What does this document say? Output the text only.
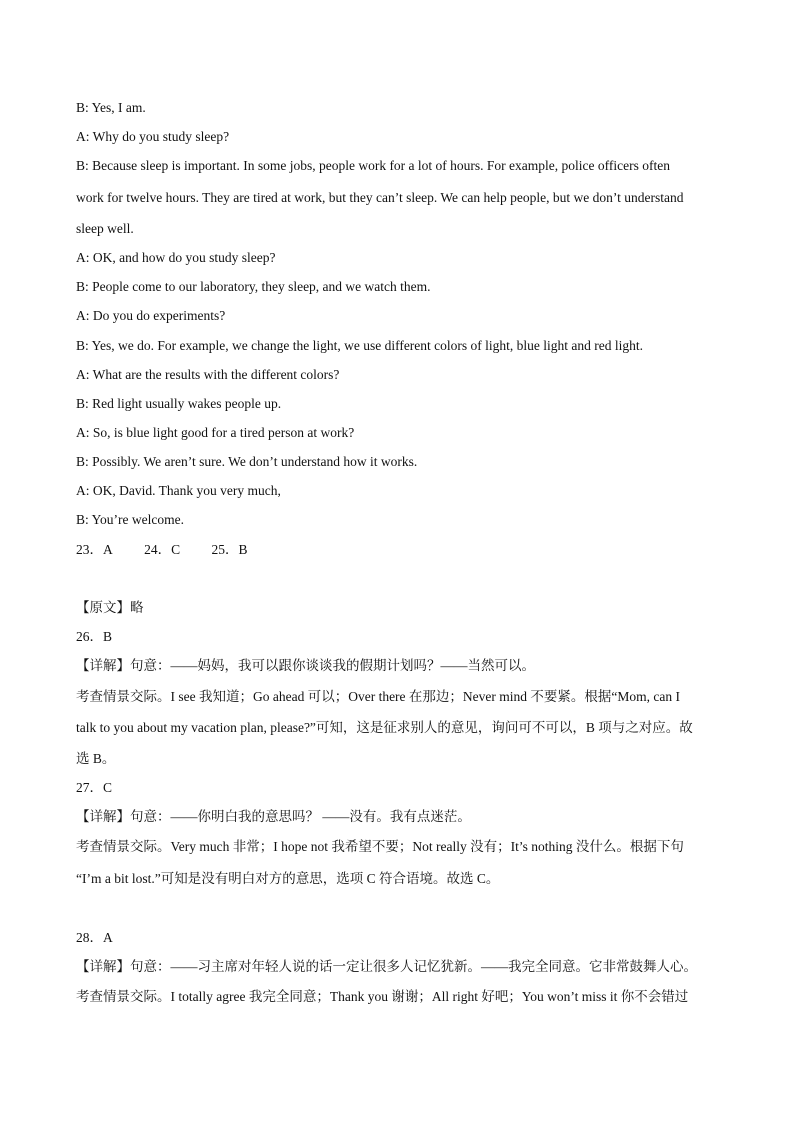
B: Yes, I am.
A: Why do you study sleep?
B: Because sleep is important. In some jobs, people work for a lot of hours. For example, police officers often
work for twelve hours. They are tired at work, but they can’t sleep. We can help people, but we don’t understand
sleep well.
A: OK, and how do you study sleep?
B: People come to our laboratory, they sleep, and we watch them.
A: Do you do experiments?
B: Yes, we do. For example, we change the light, we use different colors of light, blue light and red light.
A: What are the results with the different colors?
B: Red light usually wakes people up.
A: So, is blue light good for a tired person at work?
B: Possibly. We aren’t sure. We don’t understand how it works.
A: OK, David. Thank you very much,
B: You’re welcome.
23．A 24．C 25．B
【原文】略
26．B
【详解】句意：——妈妈，我可以跟你谈谈我的假期计划吗？——当然可以。
考查情景交际。I see 我知道；Go ahead 可以；Over there 在那边；Never mind 不要紧。根据“Mom, can I
talk to you about my vacation plan, please?”可知，这是征求别人的意见，询问可不可以，B 项与之对应。故
选 B。
27．C
【详解】句意：——你明白我的意思吗？ ——没有。我有点迷茫。
考查情景交际。Very much 非常；I hope not 我希望不要；Not really 没有；It’s nothing 没什么。根据下句
“I’m a bit lost.”可知是没有明白对方的意思，选项 C 符合语境。故选 C。
28．A
【详解】句意：——习主席对年轻人说的话一定让很多人记忆犹新。——我完全同意。它非常鼓舞人心。
考查情景交际。I totally agree 我完全同意；Thank you 谢谢；All right 好吧；You won’t miss it 你不会错过
